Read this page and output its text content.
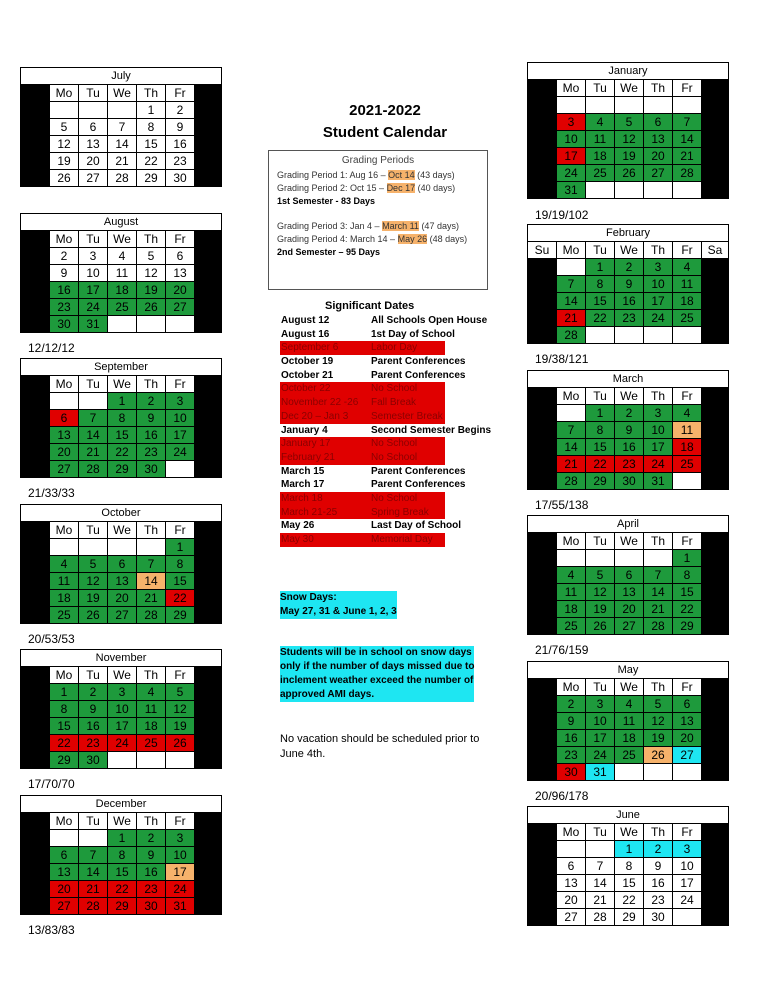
2021-2022
Student Calendar
Grading Periods
Grading Period 1: Aug 16 – Oct 14 (43 days)
Grading Period 2: Oct 15 – Dec 17 (40 days)
1st Semester - 83 Days
Grading Period 3: Jan 4 – March 11 (47 days)
Grading Period 4: March 14 – May 26 (48 days)
2nd Semester – 95 Days
Significant Dates
August 12	All Schools Open House
August 16	1st Day of School
September 6	Labor Day
October 19	Parent Conferences
October 21	Parent Conferences
October 22	No School
November 22 -26 Fall Break
Dec 20 – Jan 3 Semester Break
January 4	Second Semester Begins
January 17	No School
February 21	No School
March 15	Parent Conferences
March 17	Parent Conferences
March 18	No School
March 21-25	Spring Break
May 26	Last Day of School
May 30	Memorial Day
Snow Days:
May 27, 31 & June 1, 2, 3
Students will be in school on snow days
only if the number of days missed due to
inclement weather exceed the number of
approved AMI days.
No vacation should be scheduled prior to June 4th.
July						
	Mo	Tu	We	Th	Fr	
				1	2	
	5	6	7	8	9	
	12	13	14	15	16	
	19	20	21	22	23	
	26	27	28	29	30	
August						
	Mo	Tu	We	Th	Fr	
	2	3	4	5	6	
	9	10	11	12	13	
	16	17	18	19	20	
	23	24	25	26	27	
	30	31				
12/12/12
September						
	Mo	Tu	We	Th	Fr	
			1	2	3	
	6	7	8	9	10	
	13	14	15	16	17	
	20	21	22	23	24	
	27	28	29	30		
21/33/33
October						
	Mo	Tu	We	Th	Fr	
					1	
	4	5	6	7	8	
	11	12	13	14	15	
	18	19	20	21	22	
	25	26	27	28	29	
20/53/53
November						
	Mo	Tu	We	Th	Fr	
	1	2	3	4	5	
	8	9	10	11	12	
	15	16	17	18	19	
	22	23	24	25	26	
	29	30				
17/70/70
December						
	Mo	Tu	We	Th	Fr	
			1	2	3	
	6	7	8	9	10	
	13	14	15	16	17	
	20	21	22	23	24	
	27	28	29	30	31	
13/83/83
January						
	Mo	Tu	We	Th	Fr	

	3	4	5	6	7	
	10	11	12	13	14	
	17	18	19	20	21	
	24	25	26	27	28	
	31					
19/19/102
February						
Su	Mo	Tu	We	Th	Fr	Sa
		1	2	3	4	
	7	8	9	10	11	
	14	15	16	17	18	
	21	22	23	24	25	
	28					
19/38/121
March						
	Mo	Tu	We	Th	Fr	
		1	2	3	4	
	7	8	9	10	11	
	14	15	16	17	18	
	21	22	23	24	25	
	28	29	30	31		
17/55/138
April						
	Mo	Tu	We	Th	Fr	
					1	
	4	5	6	7	8	
	11	12	13	14	15	
	18	19	20	21	22	
	25	26	27	28	29	
21/76/159
May						
	Mo	Tu	We	Th	Fr	
	2	3	4	5	6	
	9	10	11	12	13	
	16	17	18	19	20	
	23	24	25	26	27	
	30	31				
20/96/178
June						
	Mo	Tu	We	Th	Fr	
			1	2	3	
	6	7	8	9	10	
	13	14	15	16	17	
	20	21	22	23	24	
	27	28	29	30		
